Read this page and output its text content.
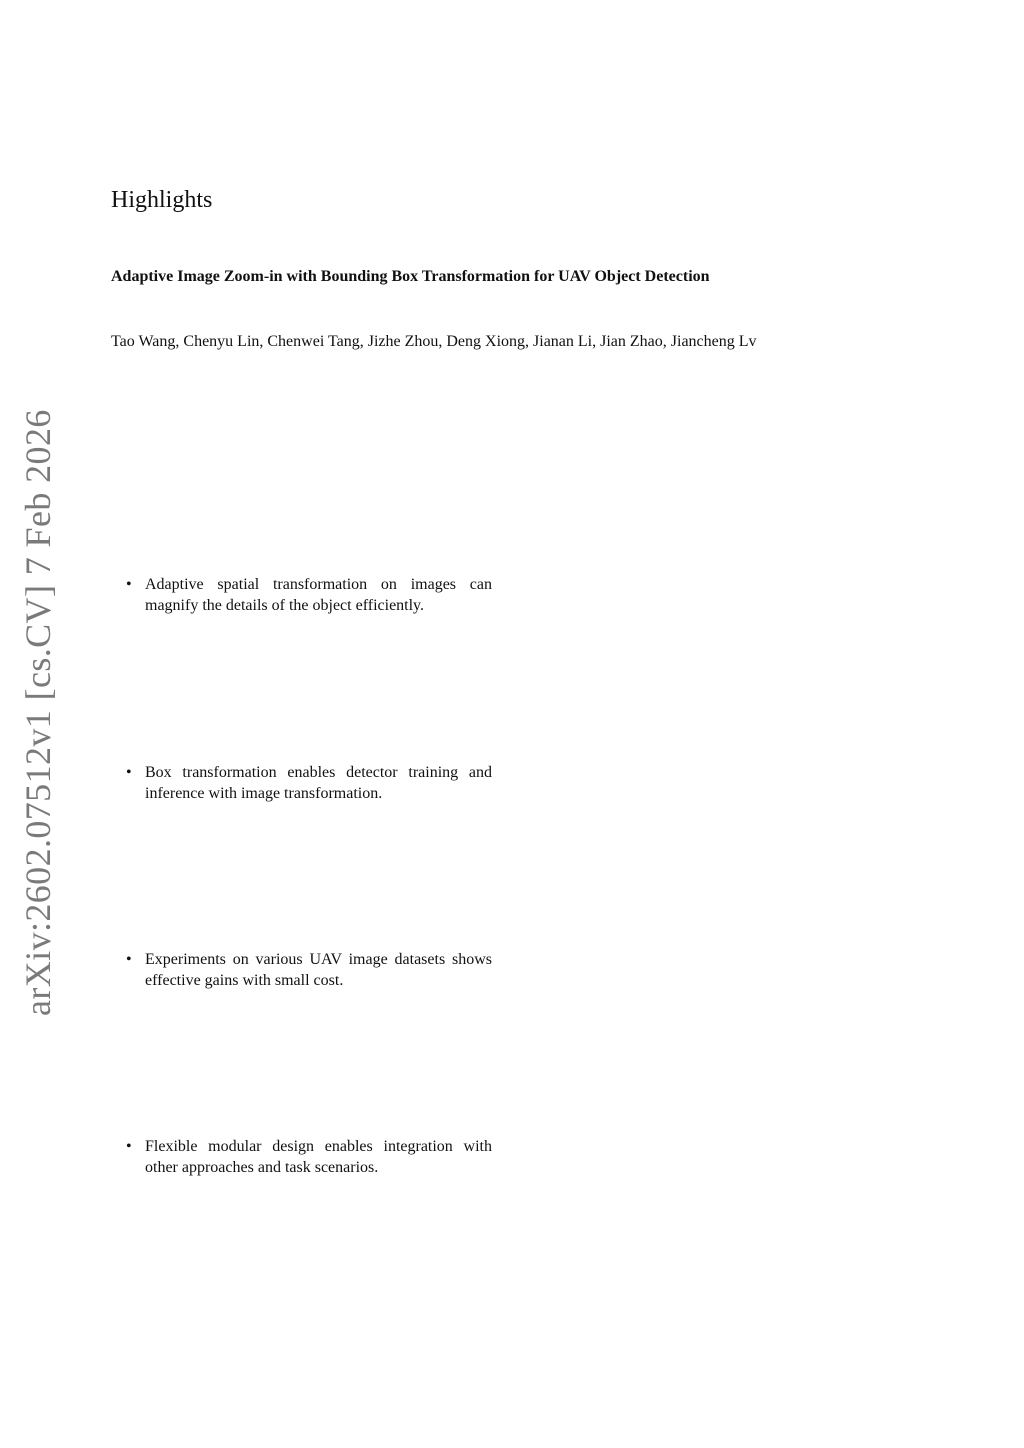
arXiv:2602.07512v1 [cs.CV] 7 Feb 2026
Highlights
Adaptive Image Zoom-in with Bounding Box Transformation for UAV Object Detection
Tao Wang, Chenyu Lin, Chenwei Tang, Jizhe Zhou, Deng Xiong, Jianan Li, Jian Zhao, Jiancheng Lv
• Adaptive spatial transformation on images can magnify the details of the object efficiently.
• Box transformation enables detector training and inference with image transformation.
• Experiments on various UAV image datasets shows effective gains with small cost.
• Flexible modular design enables integration with other approaches and task scenarios.
